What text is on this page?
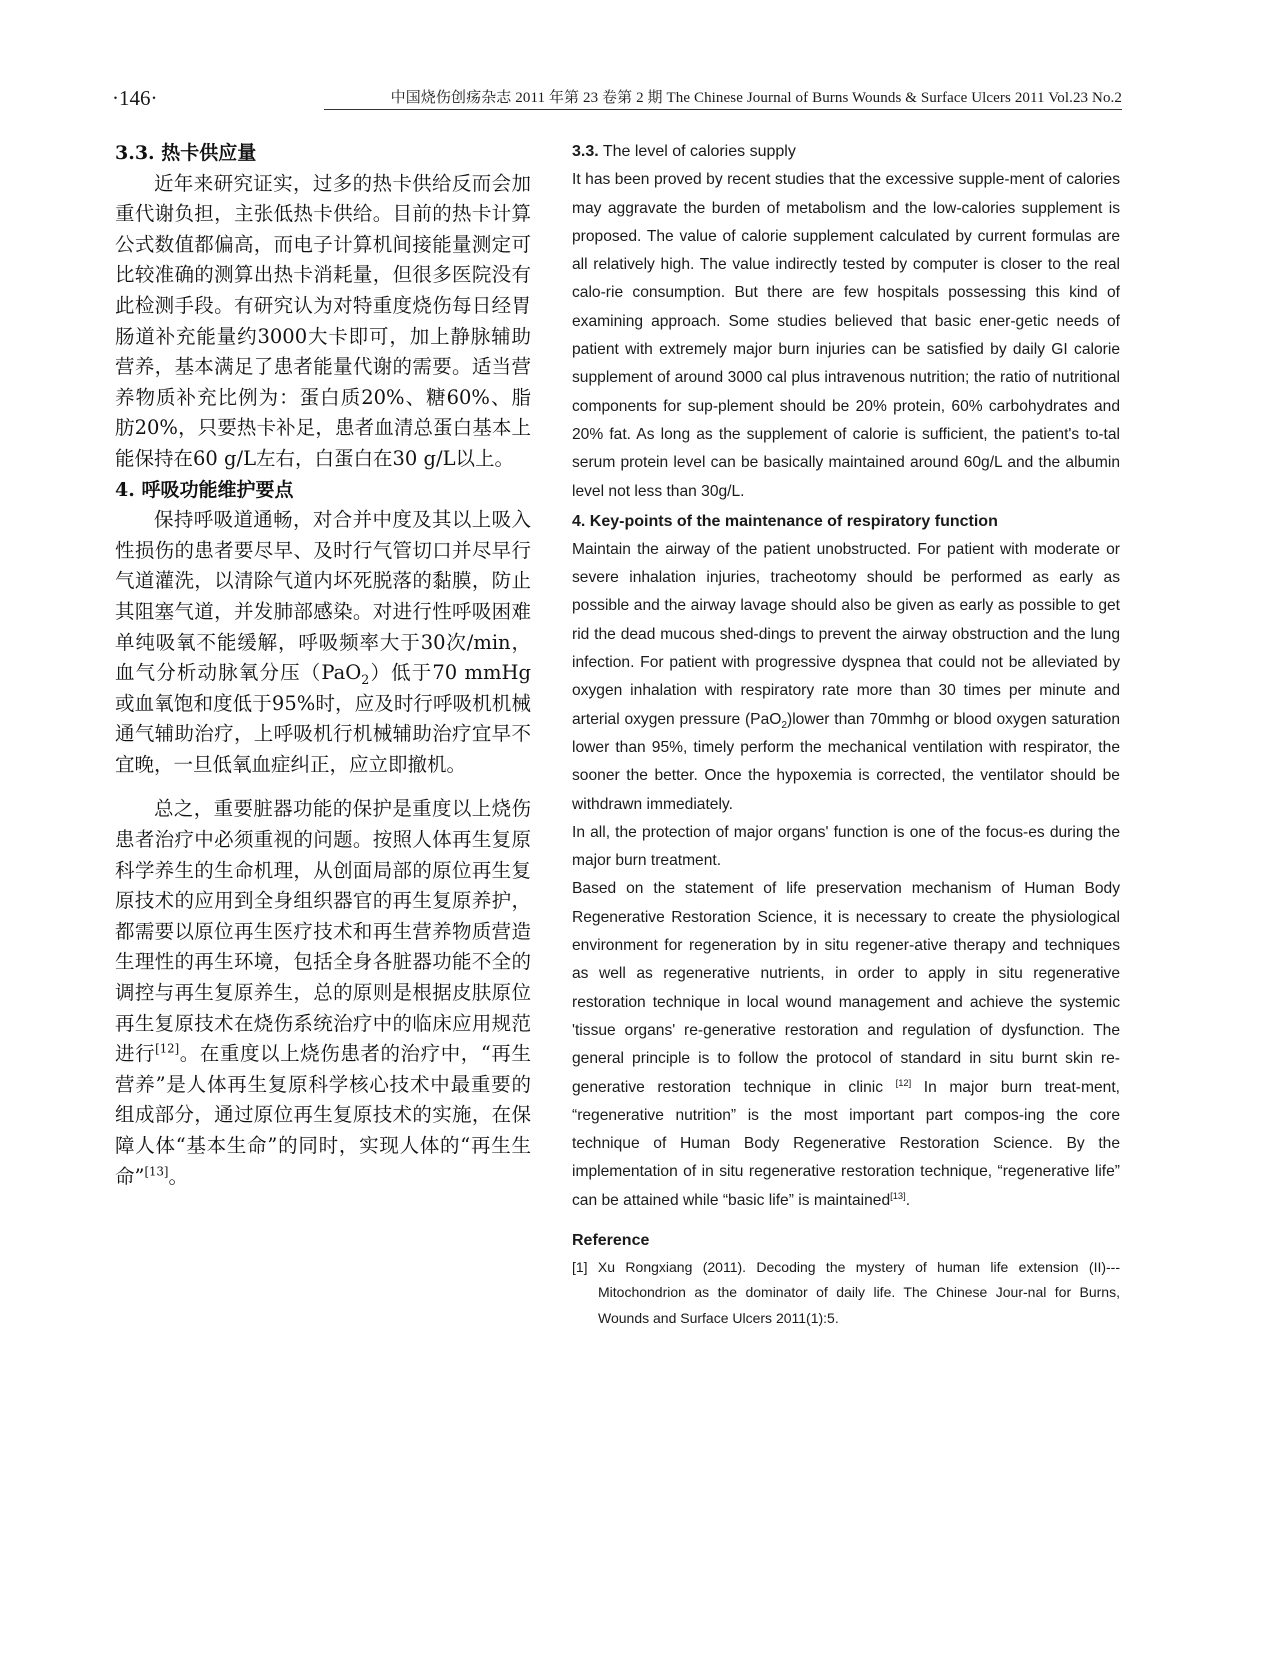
·146·	中国烧伤创疡杂志 2011 年第 23 卷第 2 期 The Chinese Journal of Burns Wounds & Surface Ulcers 2011 Vol.23 No.2
3.3. 热卡供应量

近年来研究证实，过多的热卡供给反而会加重代谢负担，主张低热卡供给。目前的热卡计算公式数值都偏高，而电子计算机间接能量测定可比较准确的测算出热卡消耗量，但很多医院没有此检测手段。有研究认为对特重度烧伤每日经胃肠道补充能量约3000大卡即可，加上静脉辅助营养，基本满足了患者能量代谢的需要。适当营养物质补充比例为：蛋白质20%、糖60%、脂肪20%，只要热卡补足，患者血清总蛋白基本上能保持在60 g/L左右，白蛋白在30 g/L以上。

4. 呼吸功能维护要点

保持呼吸道通畅，对合并中度及其以上吸入性损伤的患者要尽早、及时行气管切口并尽早行气道灌洗，以清除气道内坏死脱落的黏膜，防止其阻塞气道，并发肺部感染。对进行性呼吸困难单纯吸氧不能缓解，呼吸频率大于30次/min，血气分析动脉氧分压（PaO$_2$）低于70 mmHg或血氧饱和度低于95%时，应及时行呼吸机机械通气辅助治疗，上呼吸机行机械辅助治疗宜早不宜晚，一旦低氧血症纠正，应立即撤机。

总之，重要脏器功能的保护是重度以上烧伤患者治疗中必须重视的问题。按照人体再生复原科学养生的生命机理，从创面局部的原位再生复原技术的应用到全身组织器官的再生复原养护，都需要以原位再生医疗技术和再生营养物质营造生理性的再生环境，包括全身各脏器功能不全的调控与再生复原养生，总的原则是根据皮肤原位再生复原技术在烧伤系统治疗中的临床应用规范进行[12]。在重度以上烧伤患者的治疗中，“再生营养”是人体再生复原科学核心技术中最重要的组成部分，通过原位再生复原技术的实施，在保障人体“基本生命”的同时，实现人体的“再生生命”[13]。

3.3. The level of calories supply

It has been proved by recent studies that the excessive supple-ment of calories may aggravate the burden of metabolism and the low-calories supplement is proposed. The value of calorie supplement calculated by current formulas are all relatively high. The value indirectly tested by computer is closer to the real calo-rie consumption. But there are few hospitals possessing this kind of examining approach. Some studies believed that basic ener-getic needs of patient with extremely major burn injuries can be satisfied by daily GI calorie supplement of around 3000 cal plus intravenous nutrition; the ratio of nutritional components for sup-plement should be 20% protein, 60% carbohydrates and 20% fat. As long as the supplement of calorie is sufficient, the patient's to-tal serum protein level can be basically maintained around 60g/L and the albumin level not less than 30g/L.

4. Key-points of the maintenance of respiratory function

Maintain the airway of the patient unobstructed. For patient with moderate or severe inhalation injuries, tracheotomy should be performed as early as possible and the airway lavage should also be given as early as possible to get rid the dead mucous shed-dings to prevent the airway obstruction and the lung infection. For patient with progressive dyspnea that could not be alleviated by oxygen inhalation with respiratory rate more than 30 times per minute and arterial oxygen pressure (PaO$_2$)lower than 70mmhg or blood oxygen saturation lower than 95%, timely perform the mechanical ventilation with respirator, the sooner the better. Once the hypoxemia is corrected, the ventilator should be withdrawn immediately.

In all, the protection of major organs' function is one of the focus-es during the major burn treatment.

Based on the statement of life preservation mechanism of Human Body Regenerative Restoration Science, it is necessary to create the physiological environment for regeneration by in situ regener-ative therapy and techniques as well as regenerative nutrients, in order to apply in situ regenerative restoration technique in local wound management and achieve the systemic 'tissue organs' re-generative restoration and regulation of dysfunction. The general principle is to follow the protocol of standard in situ burnt skin re-generative restoration technique in clinic [12] In major burn treat-ment, “regenerative nutrition” is the most important part compos-ing the core technique of Human Body Regenerative Restoration Science. By the implementation of in situ regenerative restoration technique, “regenerative life” can be attained while “basic life” is maintained[13].

Reference

[1] Xu Rongxiang (2011). Decoding the mystery of human life extension (II)---Mitochondrion as the dominator of daily life. The Chinese Jour-nal for Burns, Wounds and Surface Ulcers 2011(1):5.
